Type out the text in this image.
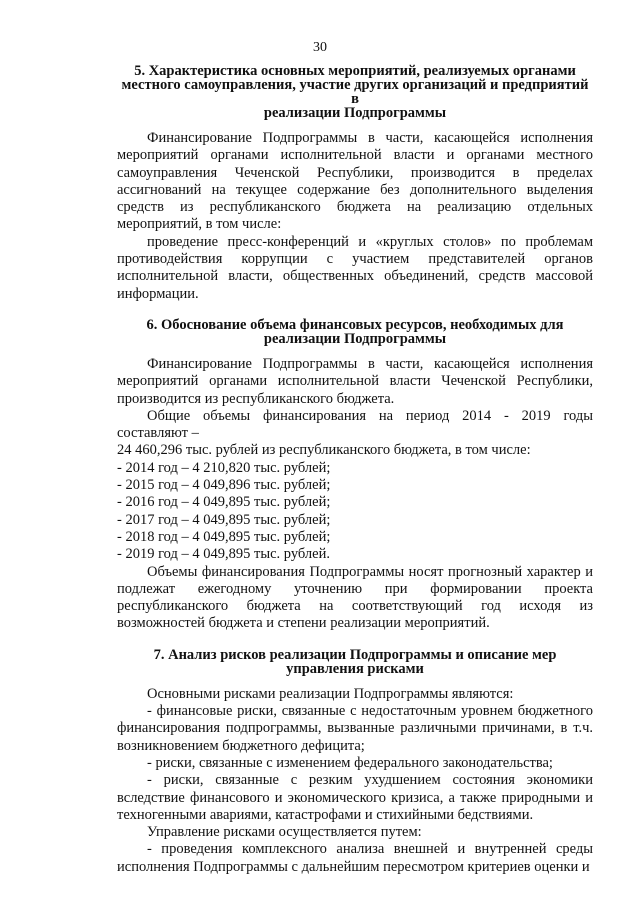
30

5. Характеристика основных мероприятий, реализуемых органами

местного самоуправления, участие других организаций и предприятий в

реализации Подпрограммы

Финансирование Подпрограммы в части, касающейся исполнения мероприятий органами исполнительной власти и органами местного самоуправления Чеченской Республики, производится в пределах ассигнований на текущее содержание без дополнительного выделения средств из республиканского бюджета на реализацию отдельных мероприятий, в том числе:

проведение пресс-конференций и «круглых столов» по проблемам противодействия коррупции с участием представителей органов исполнительной власти, общественных объединений, средств массовой информации.

6. Обоснование объема финансовых ресурсов, необходимых для

реализации Подпрограммы

Финансирование Подпрограммы в части, касающейся исполнения мероприятий органами исполнительной власти Чеченской Республики, производится из республиканского бюджета.

Общие объемы финансирования на период 2014 - 2019 годы составляют –

24 460,296 тыс. рублей из республиканского бюджета, в том числе:

- 2014 год – 4 210,820 тыс. рублей;

- 2015 год – 4 049,896 тыс. рублей;

- 2016 год – 4 049,895 тыс. рублей;

- 2017 год – 4 049,895 тыс. рублей;

- 2018 год – 4 049,895 тыс. рублей;

- 2019 год – 4 049,895 тыс. рублей.

Объемы финансирования Подпрограммы носят прогнозный характер и подлежат ежегодному уточнению при формировании проекта республиканского бюджета на соответствующий год исходя из возможностей бюджета и степени реализации мероприятий.

7. Анализ рисков реализации Подпрограммы и описание мер

управления рисками

Основными рисками реализации Подпрограммы являются:

- финансовые риски, связанные с недостаточным уровнем бюджетного финансирования подпрограммы, вызванные различными причинами, в т.ч. возникновением бюджетного дефицита;

- риски, связанные с изменением федерального законодательства;

- риски, связанные с резким ухудшением состояния экономики вследствие финансового и экономического кризиса, а также природными и техногенными авариями, катастрофами и стихийными бедствиями.

Управление рисками осуществляется путем:

- проведения комплексного анализа внешней и внутренней среды исполнения Подпрограммы с дальнейшим пересмотром критериев оценки и
